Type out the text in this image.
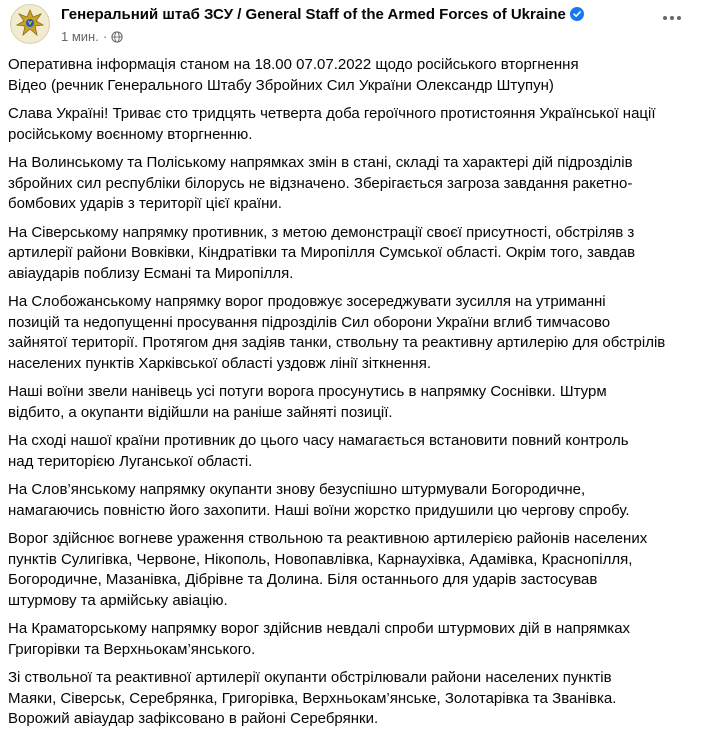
Генеральний штаб ЗСУ / General Staff of the Armed Forces of Ukraine
1 мин. ·

Оперативна інформація станом на 18.00 07.07.2022 щодо російського вторгнення
Відео (речник Генерального Штабу Збройних Сил України Олександр Штупун)

Слава Україні! Триває сто тридцять четверта доба героїчного протистояння Української нації
російському воєнному вторгненню.

На Волинському та Поліському напрямках змін в стані, складі та характері дій підрозділів
збройних сил республіки білорусь не відзначено. Зберігається загроза завдання ракетно-
бомбових ударів з території цієї країни.

На Сіверському напрямку противник, з метою демонстрації своєї присутності, обстріляв з
артилерії райони Вовківки, Кіндратівки та Миропілля Сумської області. Окрім того, завдав
авіаударів поблизу Есмані та Миропілля.

На Слобожанському напрямку ворог продовжує зосереджувати зусилля на утриманні
позицій та недопущенні просування підрозділів Сил оборони України вглиб тимчасово
зайнятої території. Протягом дня задіяв танки, ствольну та реактивну артилерію для обстрілів
населених пунктів Харківської області уздовж лінії зіткнення.

Наші воїни звели нанівець усі потуги ворога просунутись в напрямку Соснівки. Штурм
відбито, а окупанти відійшли на раніше зайняті позиції.

На сході нашої країни противник до цього часу намагається встановити повний контроль
над територією Луганської області.

На Слов’янському напрямку окупанти знову безуспішно штурмували Богородичне,
намагаючись повністю його захопити. Наші воїни жорстко придушили цю чергову спробу.

Ворог здійснює вогневе ураження ствольною та реактивною артилерією районів населених
пунктів Сулигівка, Червоне, Нікополь, Новопавлівка, Карнаухівка, Адамівка, Краснопілля,
Богородичне, Мазанівка, Дібрівне та Долина. Біля останнього для ударів застосував
штурмову та армійську авіацію.

На Краматорському напрямку ворог здійснив невдалі спроби штурмових дій в напрямках
Григорівки та Верхньокам’янського.

Зі ствольної та реактивної артилерії окупанти обстрілювали райони населених пунктів
Маяки, Сіверськ, Серебрянка, Григорівка, Верхньокам’янське, Золотарівка та Званівка.
Ворожий авіаудар зафіксовано в районі Серебрянки.
